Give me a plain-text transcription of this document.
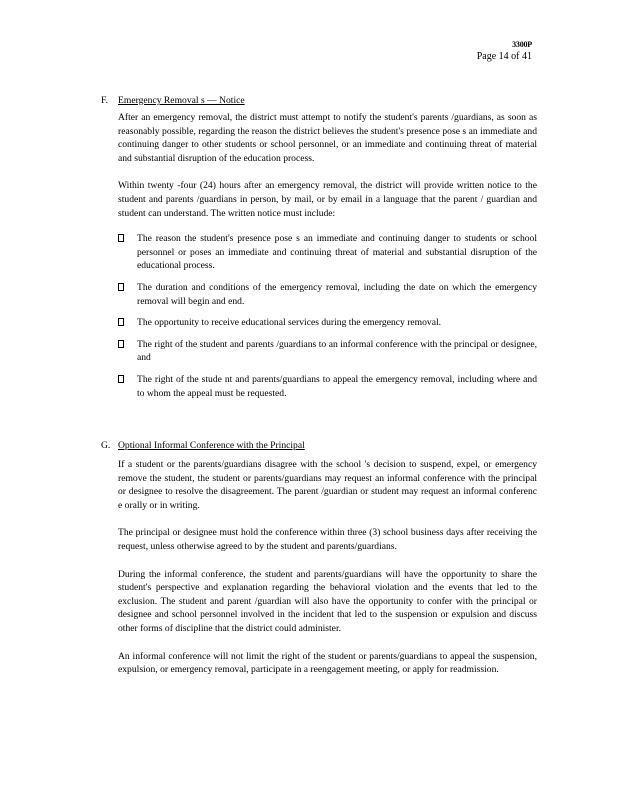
3300P
Page 14 of 41
F. Emergency Removal s — Notice

After an emergency removal, the district must attempt to notify the student's parents /guardians, as soon as reasonably possible, regarding the reason the district believes the student's presence pose s an immediate and continuing danger to other students or school personnel, or an immediate and continuing threat of material and substantial disruption of the education process.

Within twenty -four (24) hours after an emergency removal, the district will provide written notice to the student and parents /guardians in person, by mail, or by email in a language that the parent / guardian and student can understand. The written notice must include:

The reason the student's presence pose s an immediate and continuing danger to students or school personnel or poses an immediate and continuing threat of material and substantial disruption of the educational process.
The duration and conditions of the emergency removal, including the date on which the emergency removal will begin and end.
The opportunity to receive educational services during the emergency removal.
The right of the student and parents /guardians to an informal conference with the principal or designee, and
The right of the stude nt and parents/guardians to appeal the emergency removal, including where and to whom the appeal must be requested.
G. Optional Informal Conference with the Principal

If a student or the parents/guardians disagree with the school 's decision to suspend, expel, or emergency remove the student, the student or parents/guardians may request an informal conference with the principal or designee to resolve the disagreement. The parent /guardian or student may request an informal conferenc e orally or in writing.

The principal or designee must hold the conference within three (3) school business days after receiving the request, unless otherwise agreed to by the student and parents/guardians.

During the informal conference, the student and parents/guardians will have the opportunity to share the student's perspective and explanation regarding the behavioral violation and the events that led to the exclusion. The student and parent /guardian will also have the opportunity to confer with the principal or designee and school personnel involved in the incident that led to the suspension or expulsion and discuss other forms of discipline that the district could administer.

An informal conference will not limit the right of the student or parents/guardians to appeal the suspension, expulsion, or emergency removal, participate in a reengagement meeting, or apply for readmission.
